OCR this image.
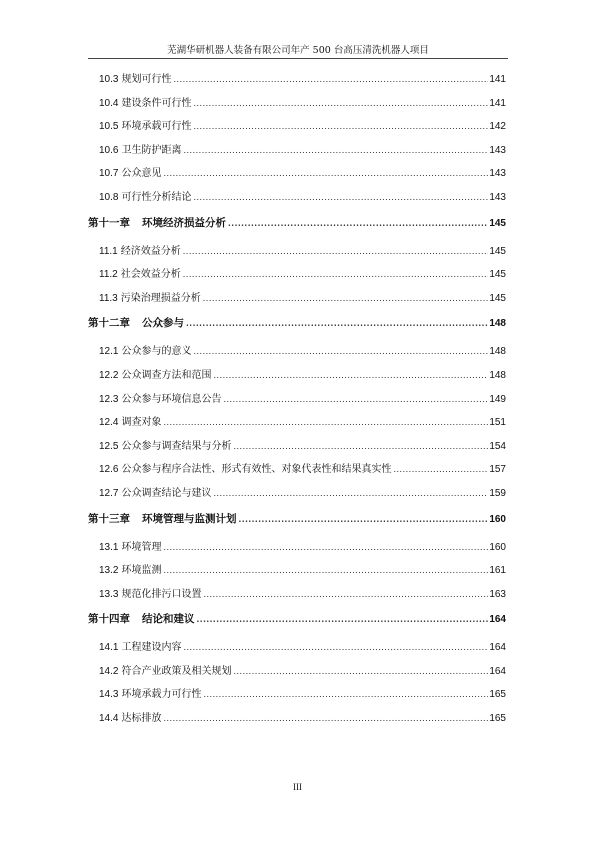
芜湖华研机器人装备有限公司年产 500 台高压清洗机器人项目
10.3 规划可行性 .....	141
10.4 建设条件可行性 .....	141
10.5 环境承载可行性 .....	142
10.6 卫生防护距离 .....	143
10.7 公众意见 .....	143
10.8 可行性分析结论 .....	143
第十一章 环境经济损益分析 .....	145
11.1 经济效益分析 .....	145
11.2 社会效益分析 .....	145
11.3 污染治理损益分析 .....	145
第十二章 公众参与 .....	148
12.1 公众参与的意义 .....	148
12.2 公众调查方法和范围 .....	148
12.3 公众参与环境信息公告 .....	149
12.4 调查对象 .....	151
12.5 公众参与调查结果与分析 .....	154
12.6 公众参与程序合法性、形式有效性、对象代表性和结果真实性 .....	157
12.7 公众调查结论与建议 .....	159
第十三章 环境管理与监测计划 .....	160
13.1 环境管理 .....	160
13.2 环境监测 .....	161
13.3 规范化排污口设置 .....	163
第十四章 结论和建议 .....	164
14.1 工程建设内容 .....	164
14.2 符合产业政策及相关规划 .....	164
14.3 环境承载力可行性 .....	165
14.4 达标排放 .....	165
III
